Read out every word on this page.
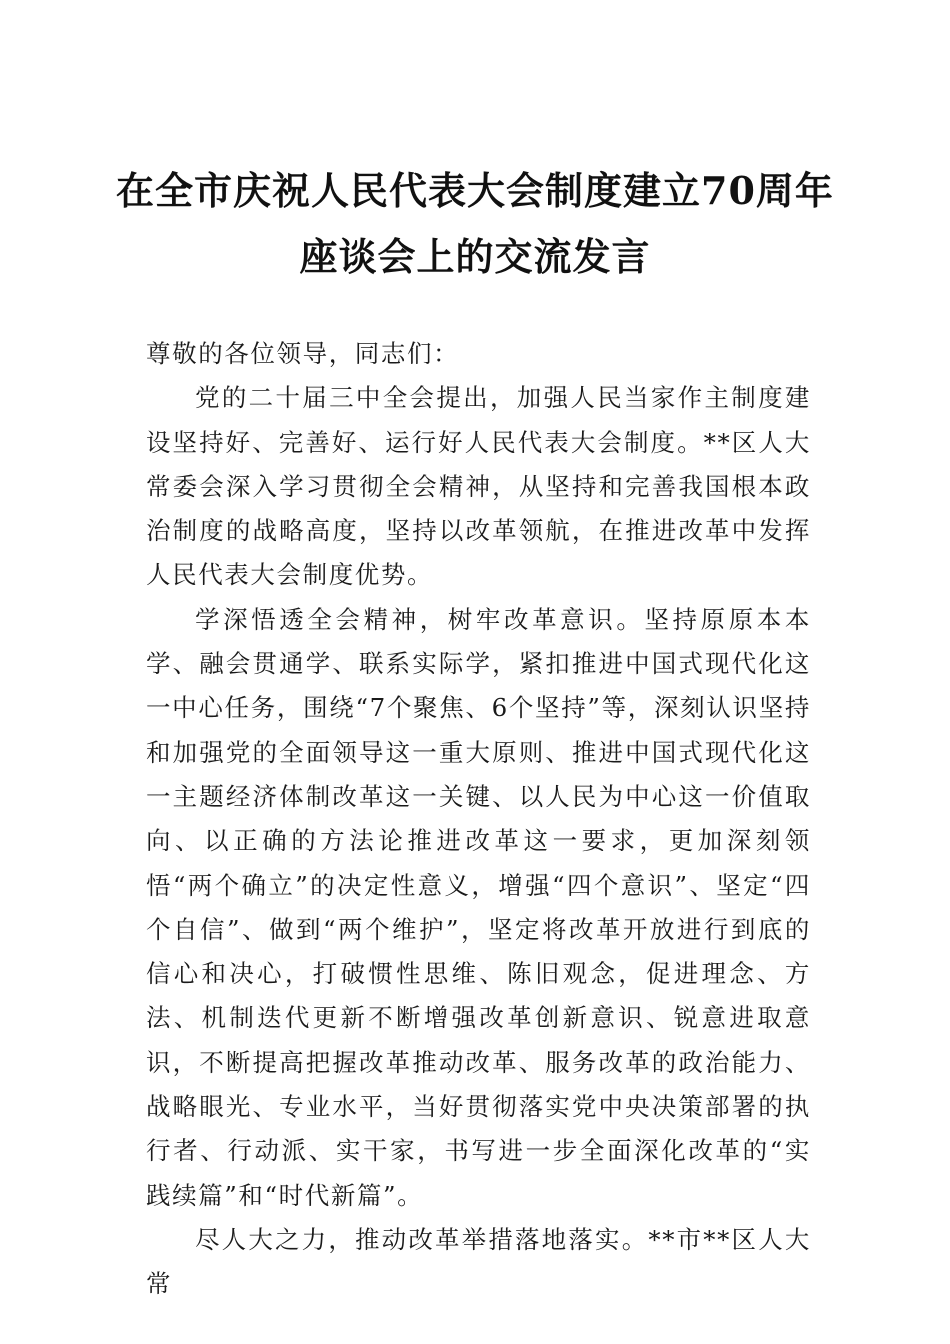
在全市庆祝人民代表大会制度建立70周年
座谈会上的交流发言

尊敬的各位领导，同志们：

党的二十届三中全会提出，加强人民当家作主制度建设坚持好、完善好、运行好人民代表大会制度。**区人大常委会深入学习贯彻全会精神，从坚持和完善我国根本政治制度的战略高度，坚持以改革领航，在推进改革中发挥人民代表大会制度优势。

学深悟透全会精神，树牢改革意识。坚持原原本本学、融会贯通学、联系实际学，紧扣推进中国式现代化这一中心任务，围绕“7个聚焦、6个坚持”等，深刻认识坚持和加强党的全面领导这一重大原则、推进中国式现代化这一主题经济体制改革这一关键、以人民为中心这一价值取向、以正确的方法论推进改革这一要求，更加深刻领悟“两个确立”的决定性意义，增强“四个意识”、坚定“四个自信”、做到“两个维护”，坚定将改革开放进行到底的信心和决心，打破惯性思维、陈旧观念，促进理念、方法、机制迭代更新不断增强改革创新意识、锐意进取意识，不断提高把握改革推动改革、服务改革的政治能力、战略眼光、专业水平，当好贯彻落实党中央决策部署的执行者、行动派、实干家，书写进一步全面深化改革的“实践续篇”和“时代新篇”。

尽人大之力，推动改革举措落地落实。**市**区人大常
